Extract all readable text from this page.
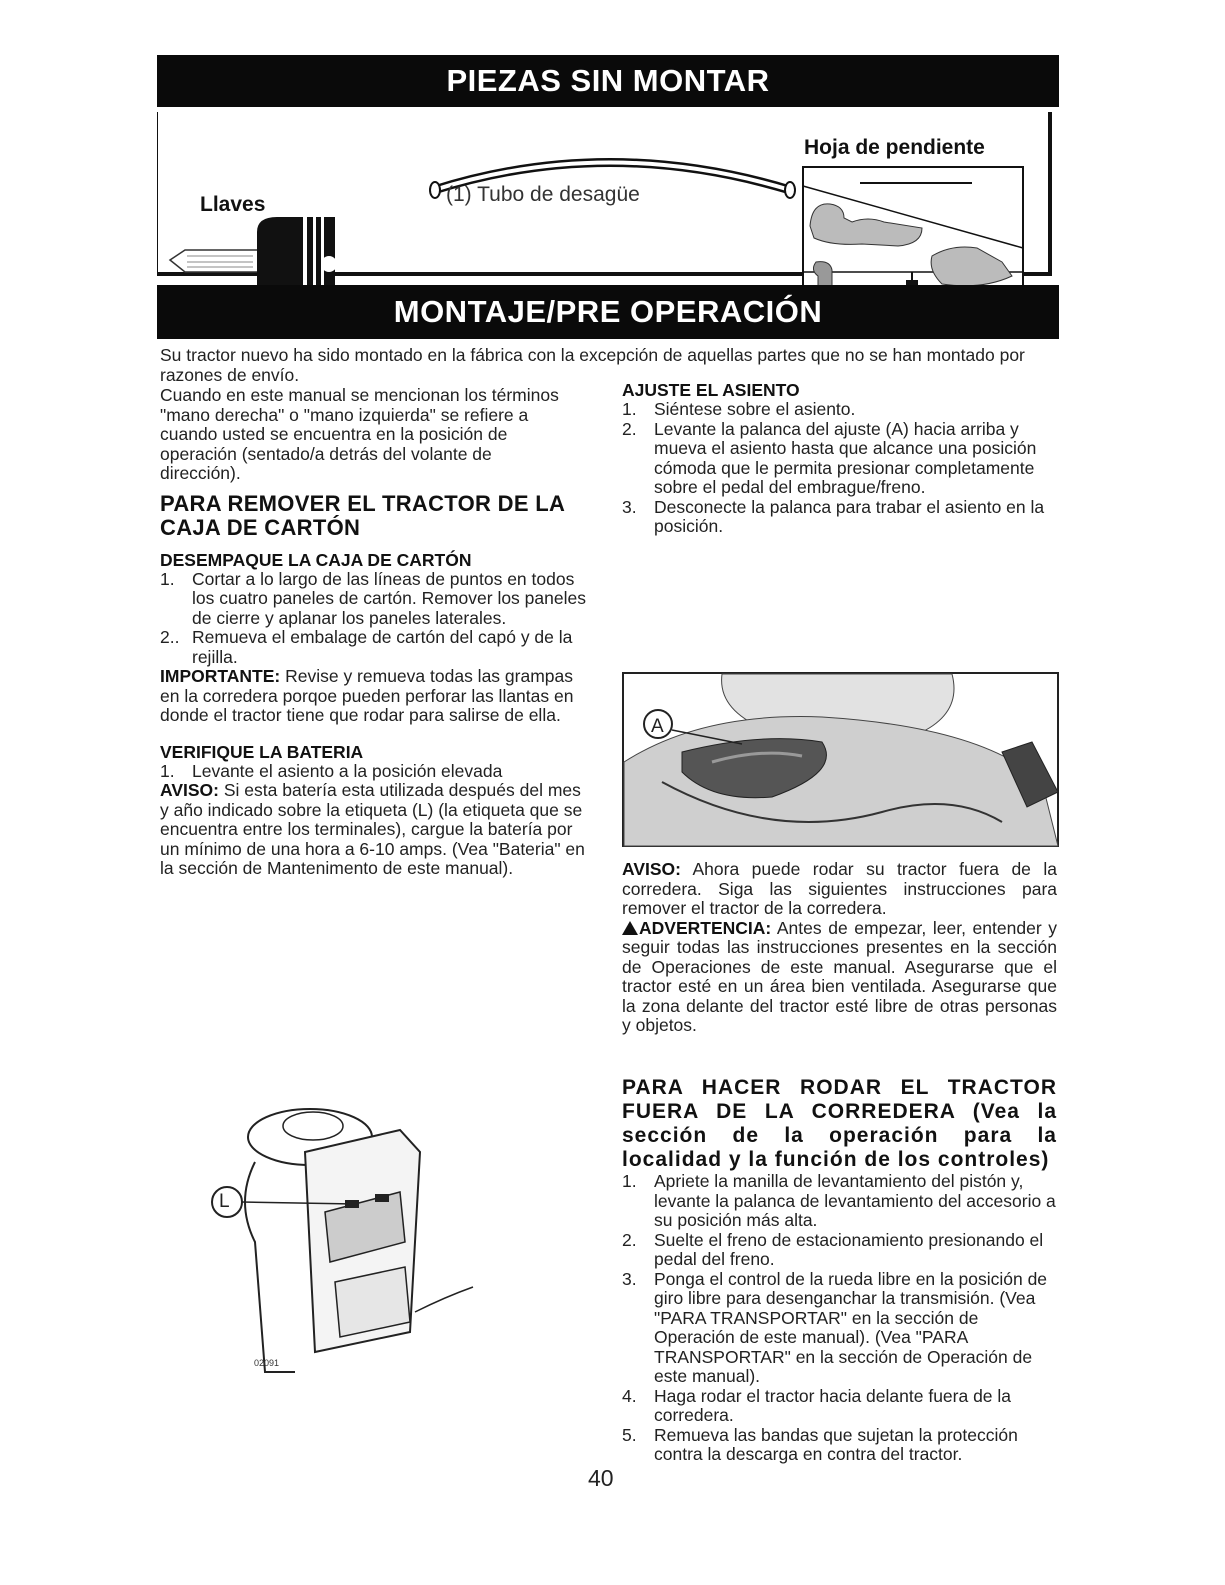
PIEZAS SIN MONTAR
Llaves	(1) Tubo de desagüe
Hoja de pendiente
MONTAJE/PRE OPERACIÓN

Su tractor nuevo ha sido montado en la fábrica con la excepción de aquellas partes que no se han montado por razones de envío.

Cuando en este manual se mencionan los términos "mano derecha" o "mano izquierda" se refiere a cuando usted se encuentra en la posición de operación (sentado/a detrás del volante de dirección).

PARA REMOVER EL TRACTOR DE LA CAJA DE CARTÓN
DESEMPAQUE LA CAJA DE CARTÓN
1. Cortar a lo largo de las líneas de puntos en todos los cuatro paneles de cartón. Remover los paneles de cierre y aplanar los paneles laterales.
2.. Remueva el embalage de cartón del capó y de la rejilla.

IMPORTANTE: Revise y remueva todas las grampas en la corredera porqoe pueden perforar las llantas en donde el tractor tiene que rodar para salirse de ella.

VERIFIQUE LA BATERIA
1. Levante el asiento a la posición elevada

AVISO: Si esta batería esta utilizada después del mes y año indicado sobre la etiqueta (L) (la etiqueta que se encuentra entre los terminales), cargue la batería por un mínimo de una hora a 6-10 amps. (Vea "Bateria" en la sección de Mantenimento de este manual).

L
02091
AJUSTE EL ASIENTO
1. Siéntese sobre el asiento.
2. Levante la palanca del ajuste (A) hacia arriba y mueva el asiento hasta que alcance una posición cómoda que le permita presionar completamente sobre el pedal del embrague/freno.
3. Desconecte la palanca para trabar el asiento en la posición.
A

AVISO: Ahora puede rodar su tractor fuera de la corredera. Siga las siguientes instrucciones para remover el tractor de la corredera.

ADVERTENCIA: Antes de empezar, leer, entender y seguir todas las instrucciones presentes en la sección de Operaciones de este manual. Asegurarse que el tractor esté en un área bien ventilada. Asegurarse que la zona delante del tractor esté libre de otras personas y objetos.

PARA HACER RODAR EL TRACTOR FUERA DE LA CORREDERA (Vea la sección de la operación para la localidad y la función de los controles)
1. Apriete la manilla de levantamiento del pistón y, levante la palanca de levantamiento del accesorio a su posición más alta.
2. Suelte el freno de estacionamiento presionando el pedal del freno.
3. Ponga el control de la rueda libre en la posición de giro libre para desenganchar la transmisión. (Vea "PARA TRANSPORTAR" en la sección de Operación de este manual). (Vea "PARA TRANSPORTAR" en la sección de Operación de este manual).
4. Haga rodar el tractor hacia delante fuera de la corredera.
5. Remueva las bandas que sujetan la protección contra la descarga en contra del tractor.
40
